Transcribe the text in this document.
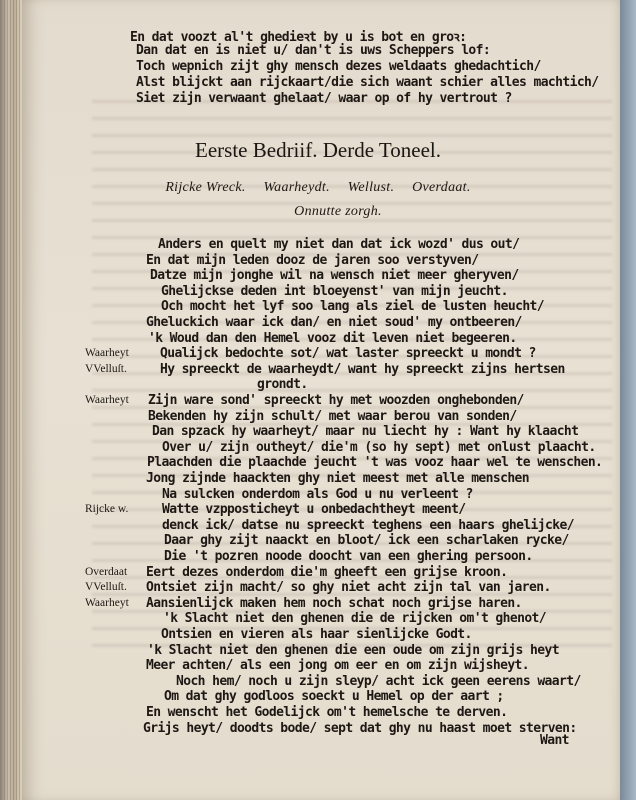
En dat voozt al't ghedieꝛt by u is bot en groꝛ:
Dan dat en is niet u/ dan't is uws Scheppers lof:
Toch wepnich zijt ghy mensch dezes weldaats ghedachtich/
Alst blijckt aan rijckaart/die sich waant schier alles machtich/
Siet zijn verwaant ghelaat/ waar op of hy vertrout ?
Eerste Bedriif. Derde Toneel.
Rijcke Wreck. Waarheydt. Wellust. Overdaat.
Onnutte zorgh.
Anders en quelt my niet dan dat ick wozd' dus out/
En dat mijn leden dooz de jaren soo verstyven/
Datze mijn jonghe wil na wensch niet meer gheryven/
Ghelijckse deden int bloeyenst' van mijn jeucht.
Och mocht het lyf soo lang als ziel de lusten heucht/
Gheluckich waar ick dan/ en niet soud' my ontbeeren/
'k Woud dan den Hemel vooz dit leven niet begeeren.
Waarheyt Qualijck bedochte sot/ wat laster spreeckt u mondt ?
VVelluſt.	Hy spreeckt de waarheydt/ want hy spreeckt zijns hertsen
grondt.
Waarheyt Zijn ware sond' spreeckt hy met woozden onghebonden/
Bekenden hy zijn schult/ met waar berou van sonden/
Dan spzack hy waarheyt/ maar nu liecht hy : Want hy klaacht
Over u/ zijn outheyt/ die'm (so hy sept) met onlust plaacht.
Plaachden die plaachde jeucht 't was vooz haar wel te wenschen.
Jong zijnde haackten ghy niet meest met alle menschen
Na sulcken onderdom als God u nu verleent ?
Rijcke w.	Watte vzpposticheyt u onbedachtheyt meent/
denck ick/ datse nu spreeckt teghens een haars ghelijcke/
Daar ghy zijt naackt en bloot/ ick een scharlaken rycke/
Die 't pozren noode doocht van een ghering persoon.
Overdaat Eert dezes onderdom die'm gheeft een grijse kroon.
VVelluſt. Ontsiet zijn macht/ so ghy niet acht zijn tal van jaren.
Waarheyt Aansienlijck maken hem noch schat noch grijse haren.
'k Slacht niet den ghenen die de rijcken om't ghenot/
Ontsien en vieren als haar sienlijcke Godt.
'k Slacht niet den ghenen die een oude om zijn grijs heyt
Meer achten/ als een jong om eer en om zijn wijsheyt.
Noch hem/ noch u zijn sleyp/ acht ick geen eerens waart/
Om dat ghy godloos soeckt u Hemel op der aart ;
En wenscht het Godelijck om't hemelsche te derven.
Grijs heyt/ doodts bode/ sept dat ghy nu haast moet sterven:
Want
